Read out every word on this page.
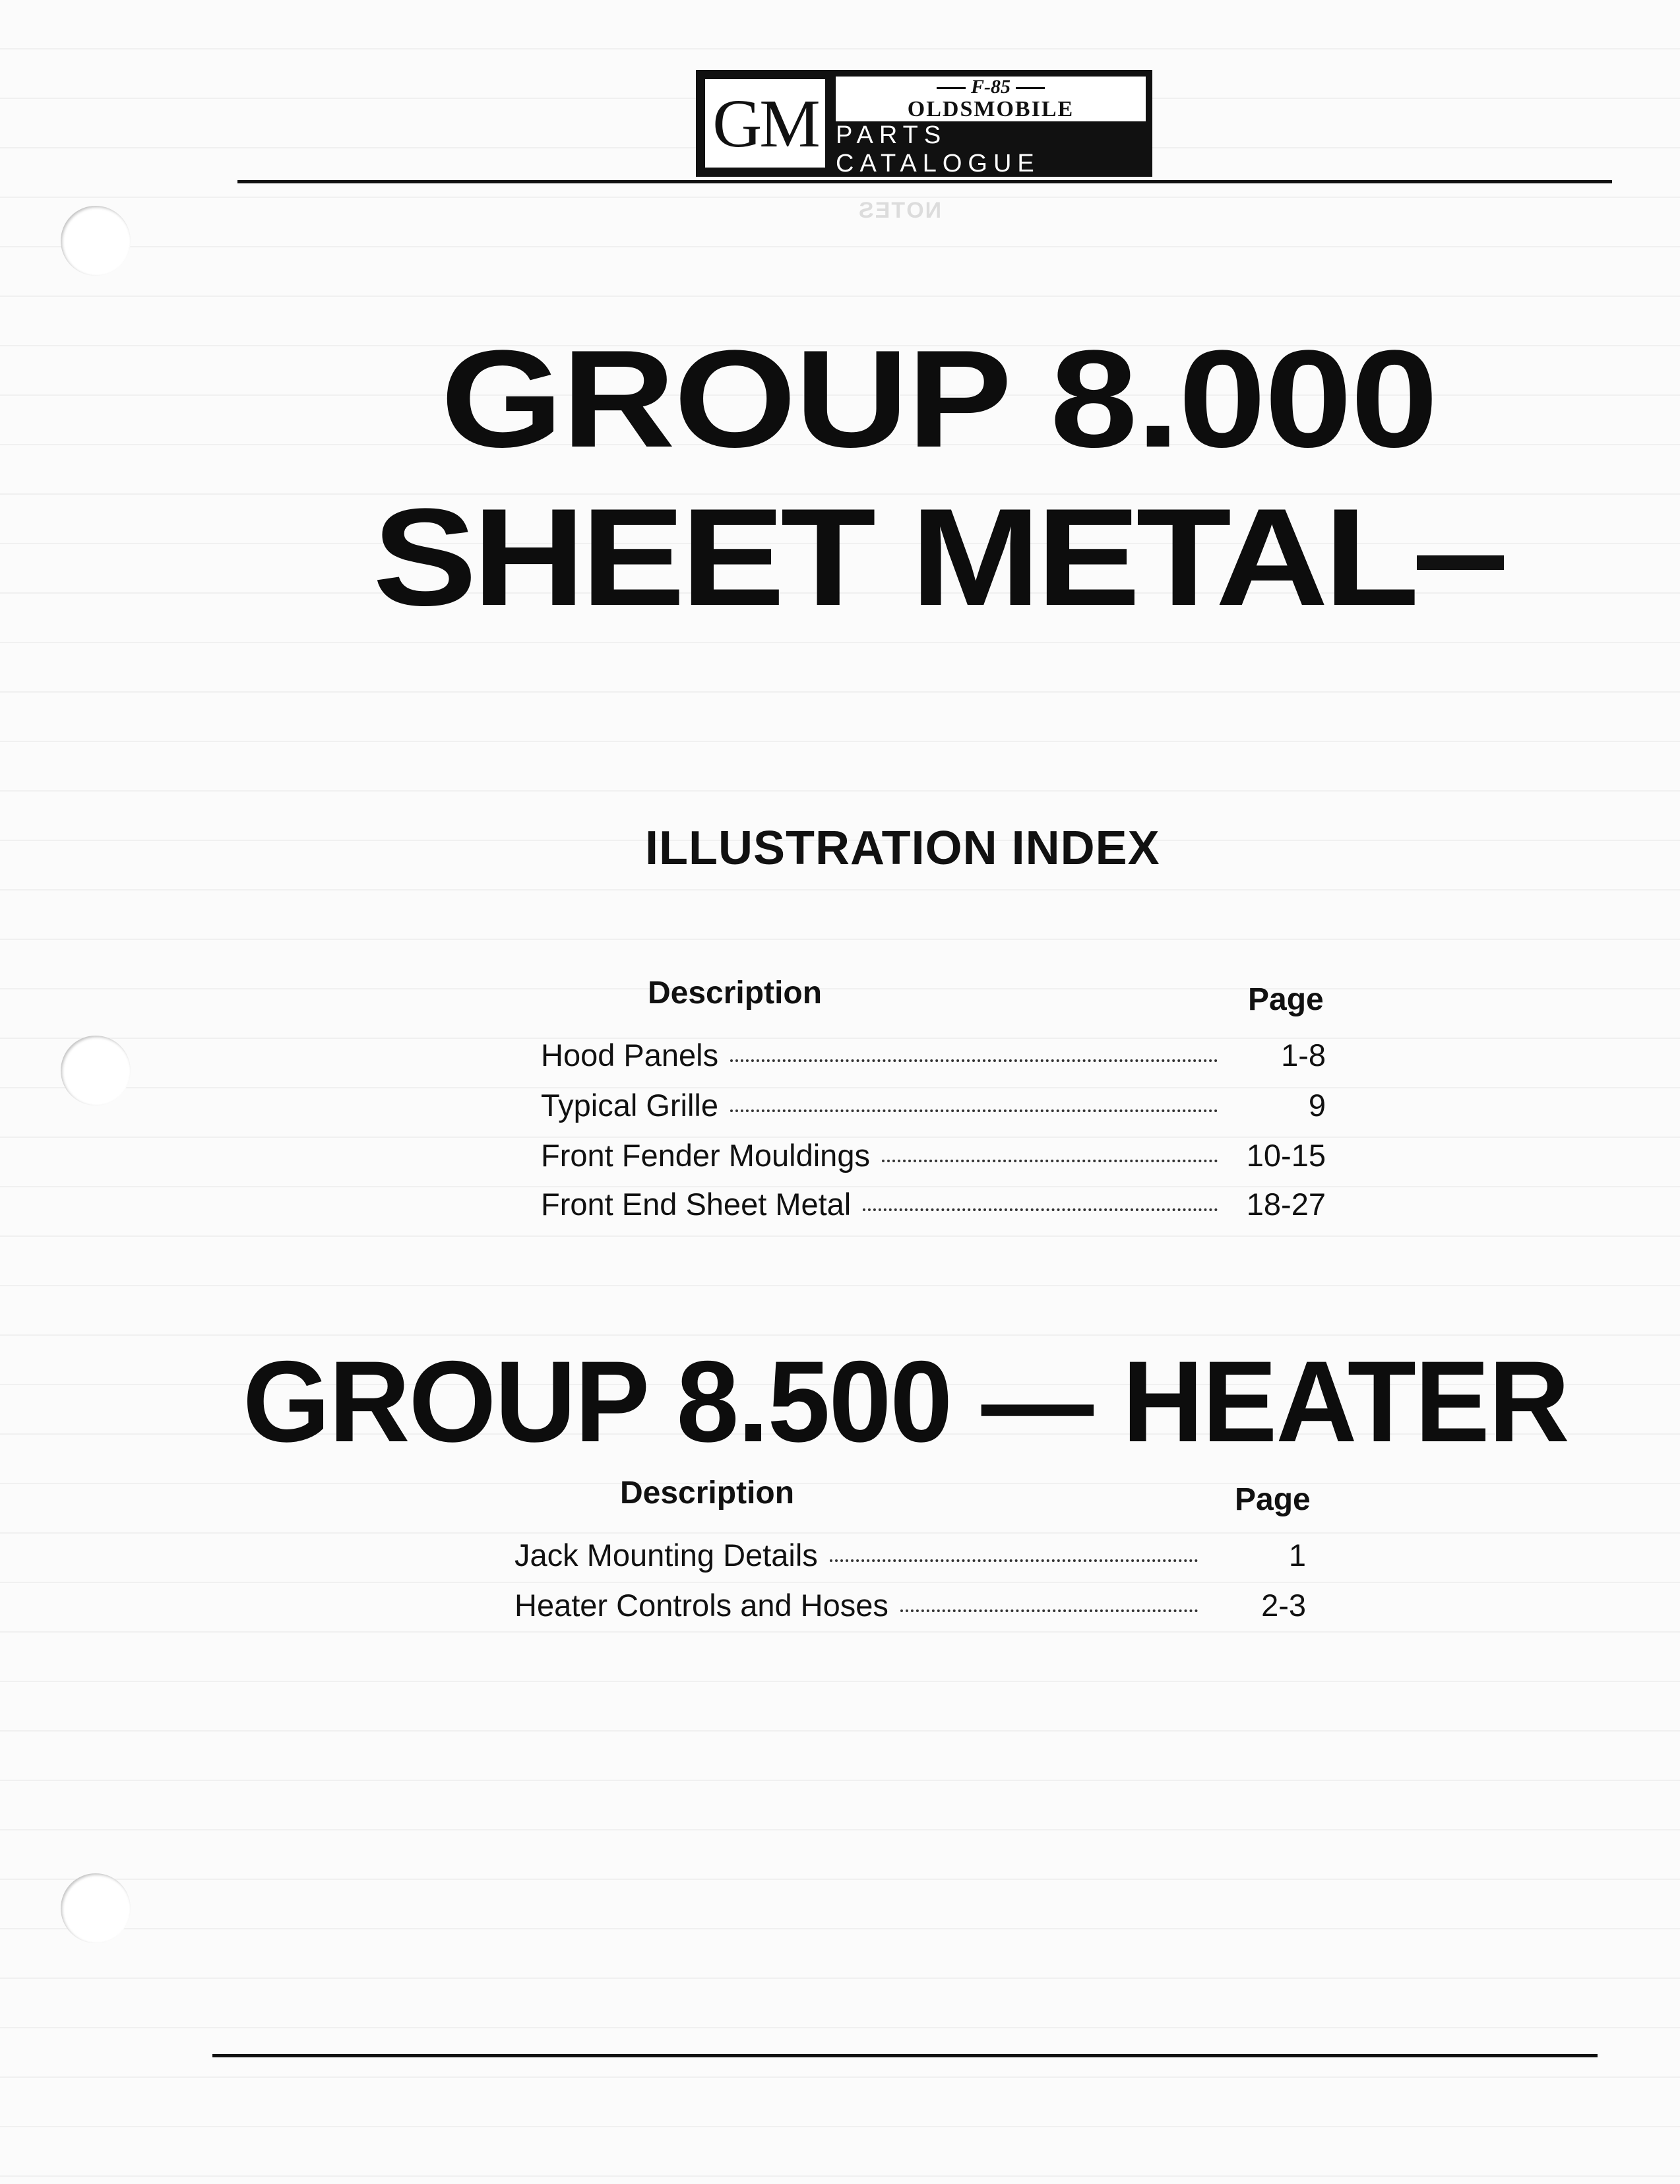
GM	F-85
OLDSMOBILE
PARTS CATALOGUE
NOTES
GROUP 8.000
SHEET METAL
ILLUSTRATION INDEX
Description	Page
Hood Panels	1-8
Typical Grille	9
Front Fender Mouldings	10-15
Front End Sheet Metal	18-27
GROUP 8.500 — HEATER
Description	Page
Jack Mounting Details	1
Heater Controls and Hoses	2-3
